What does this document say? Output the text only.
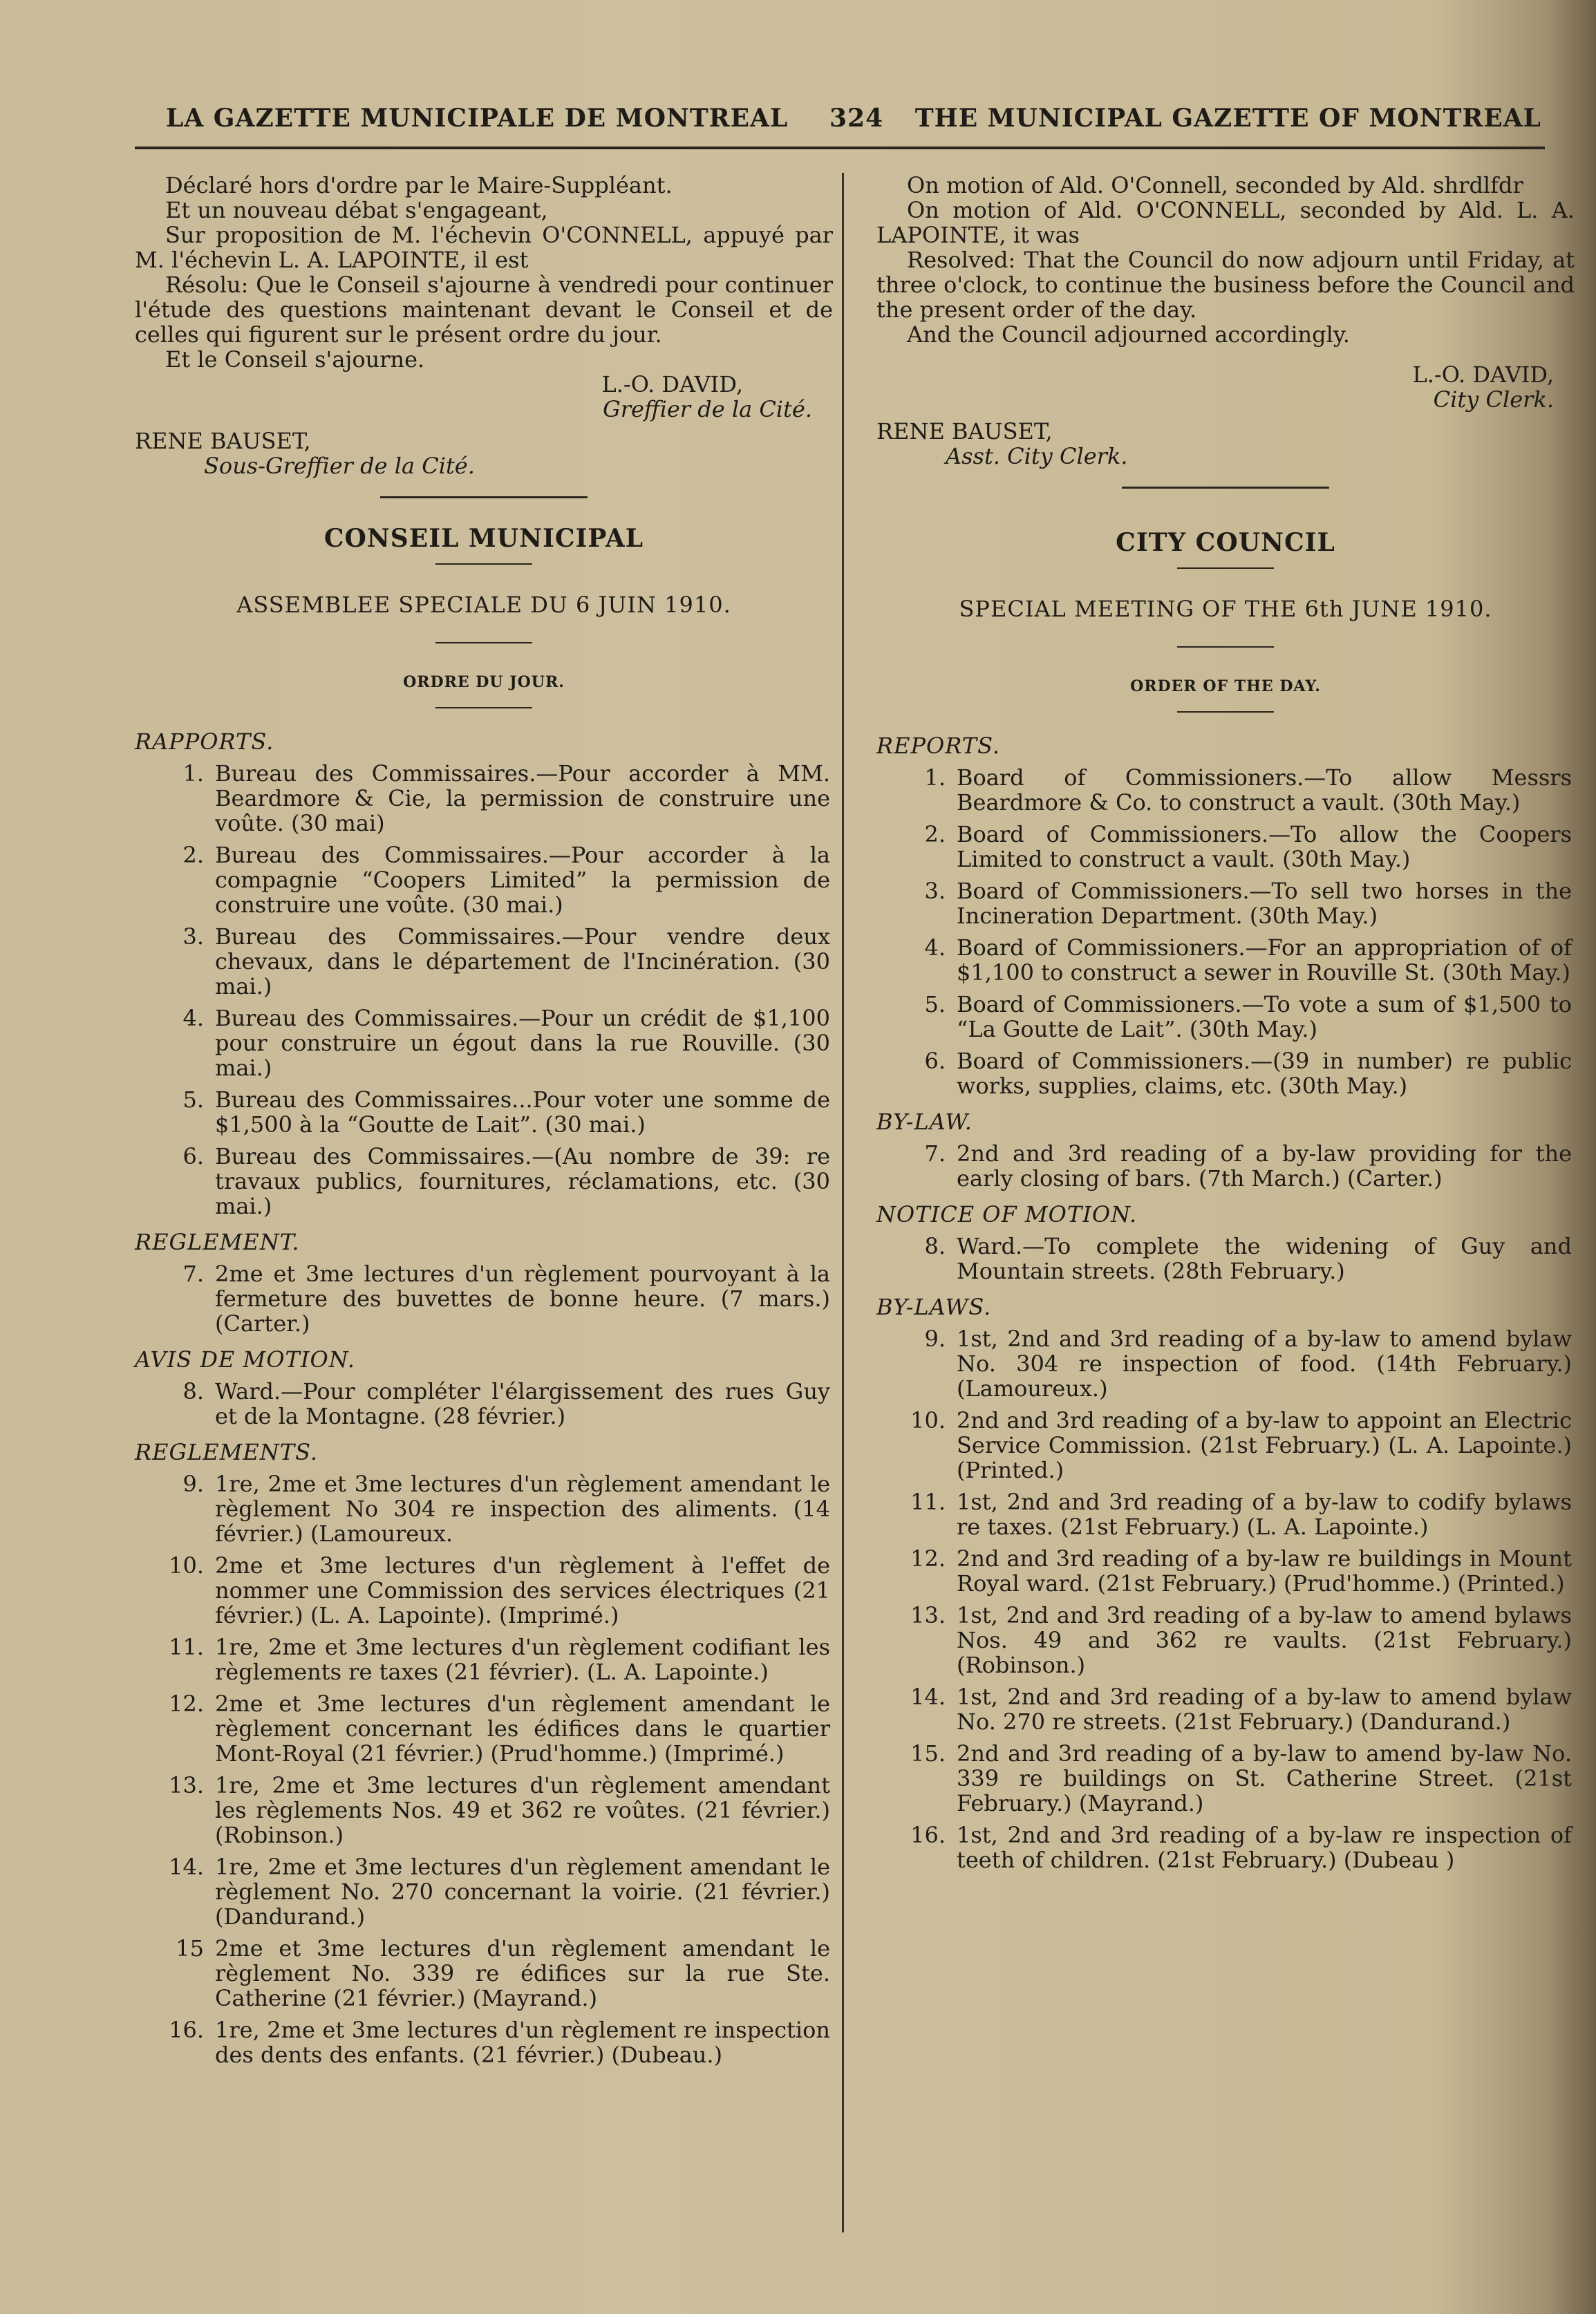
LA GAZETTE MUNICIPALE DE MONTREAL 324 THE MUNICIPAL GAZETTE OF MONTREAL

Déclaré hors d'ordre par le Maire-Suppléant.

Et un nouveau débat s'engageant,

Sur proposition de M. l'échevin O'CONNELL, appuyé par M. l'échevin L. A. LAPOINTE, il est

Résolu: Que le Conseil s'ajourne à vendredi pour continuer l'étude des questions maintenant devant le Conseil et de celles qui figurent sur le présent ordre du jour.

Et le Conseil s'ajourne.

L.-O. DAVID,

Greffier de la Cité.

RENE BAUSET,

Sous-Greffier de la Cité.

CONSEIL MUNICIPAL
ASSEMBLEE SPECIALE DU 6 JUIN 1910.
ORDRE DU JOUR.
RAPPORTS.
1. Bureau des Commissaires.—Pour accorder à MM. Beardmore & Cie, la permission de construire une voûte. (30 mai)
2. Bureau des Commissaires.—Pour accorder à la compagnie “Coopers Limited” la permission de construire une voûte. (30 mai.)
3. Bureau des Commissaires.—Pour vendre deux chevaux, dans le département de l'Incinération. (30 mai.)
4. Bureau des Commissaires.—Pour un crédit de $1,100 pour construire un égout dans la rue Rouville. (30 mai.)
5. Bureau des Commissaires...Pour voter une somme de $1,500 à la “Goutte de Lait”. (30 mai.)
6. Bureau des Commissaires.—(Au nombre de 39: re travaux publics, fournitures, réclamations, etc. (30 mai.)
REGLEMENT.
7. 2me et 3me lectures d'un règlement pourvoyant à la fermeture des buvettes de bonne heure. (7 mars.) (Carter.)
AVIS DE MOTION.
8. Ward.—Pour compléter l'élargissement des rues Guy et de la Montagne. (28 février.)
REGLEMENTS.
9. 1re, 2me et 3me lectures d'un règlement amendant le règlement No 304 re inspection des aliments. (14 février.) (Lamoureux.
10. 2me et 3me lectures d'un règlement à l'effet de nommer une Commission des services électriques (21 février.) (L. A. Lapointe). (Imprimé.)
11. 1re, 2me et 3me lectures d'un règlement codifiant les règlements re taxes (21 février). (L. A. Lapointe.)
12. 2me et 3me lectures d'un règlement amendant le règlement concernant les édifices dans le quartier Mont-Royal (21 février.) (Prud'homme.) (Imprimé.)
13. 1re, 2me et 3me lectures d'un règlement amendant les règlements Nos. 49 et 362 re voûtes. (21 février.) (Robinson.)
14. 1re, 2me et 3me lectures d'un règlement amendant le règlement No. 270 concernant la voirie. (21 février.) (Dandurand.)
15 2me et 3me lectures d'un règlement amendant le règlement No. 339 re édifices sur la rue Ste. Catherine (21 février.) (Mayrand.)
16. 1re, 2me et 3me lectures d'un règlement re inspection des dents des enfants. (21 février.) (Dubeau.)

On motion of Ald. O'Connell, seconded by Ald. shrdlfdr

On motion of Ald. O'CONNELL, seconded by Ald. L. A. LAPOINTE, it was

Resolved: That the Council do now adjourn until Friday, at three o'clock, to continue the business before the Council and the present order of the day.

And the Council adjourned accordingly.

L.-O. DAVID,

City Clerk.

RENE BAUSET,

Asst. City Clerk.

CITY COUNCIL
SPECIAL MEETING OF THE 6th JUNE 1910.
ORDER OF THE DAY.
REPORTS.
1. Board of Commissioners.—To allow Messrs Beardmore & Co. to construct a vault. (30th May.)
2. Board of Commissioners.—To allow the Coopers Limited to construct a vault. (30th May.)
3. Board of Commissioners.—To sell two horses in the Incineration Department. (30th May.)
4. Board of Commissioners.—For an appropriation of of $1,100 to construct a sewer in Rouville St. (30th May.)
5. Board of Commissioners.—To vote a sum of $1,500 to “La Goutte de Lait”. (30th May.)
6. Board of Commissioners.—(39 in number) re public works, supplies, claims, etc. (30th May.)
BY-LAW.
7. 2nd and 3rd reading of a by-law providing for the early closing of bars. (7th March.) (Carter.)
NOTICE OF MOTION.
8. Ward.—To complete the widening of Guy and Mountain streets. (28th February.)
BY-LAWS.
9. 1st, 2nd and 3rd reading of a by-law to amend bylaw No. 304 re inspection of food. (14th February.) (Lamoureux.)
10. 2nd and 3rd reading of a by-law to appoint an Electric Service Commission. (21st February.) (L. A. Lapointe.) (Printed.)
11. 1st, 2nd and 3rd reading of a by-law to codify bylaws re taxes. (21st February.) (L. A. Lapointe.)
12. 2nd and 3rd reading of a by-law re buildings in Mount Royal ward. (21st February.) (Prud'homme.) (Printed.)
13. 1st, 2nd and 3rd reading of a by-law to amend bylaws Nos. 49 and 362 re vaults. (21st February.) (Robinson.)
14. 1st, 2nd and 3rd reading of a by-law to amend bylaw No. 270 re streets. (21st February.) (Dandurand.)
15. 2nd and 3rd reading of a by-law to amend by-law No. 339 re buildings on St. Catherine Street. (21st February.) (Mayrand.)
16. 1st, 2nd and 3rd reading of a by-law re inspection of teeth of children. (21st February.) (Dubeau )
